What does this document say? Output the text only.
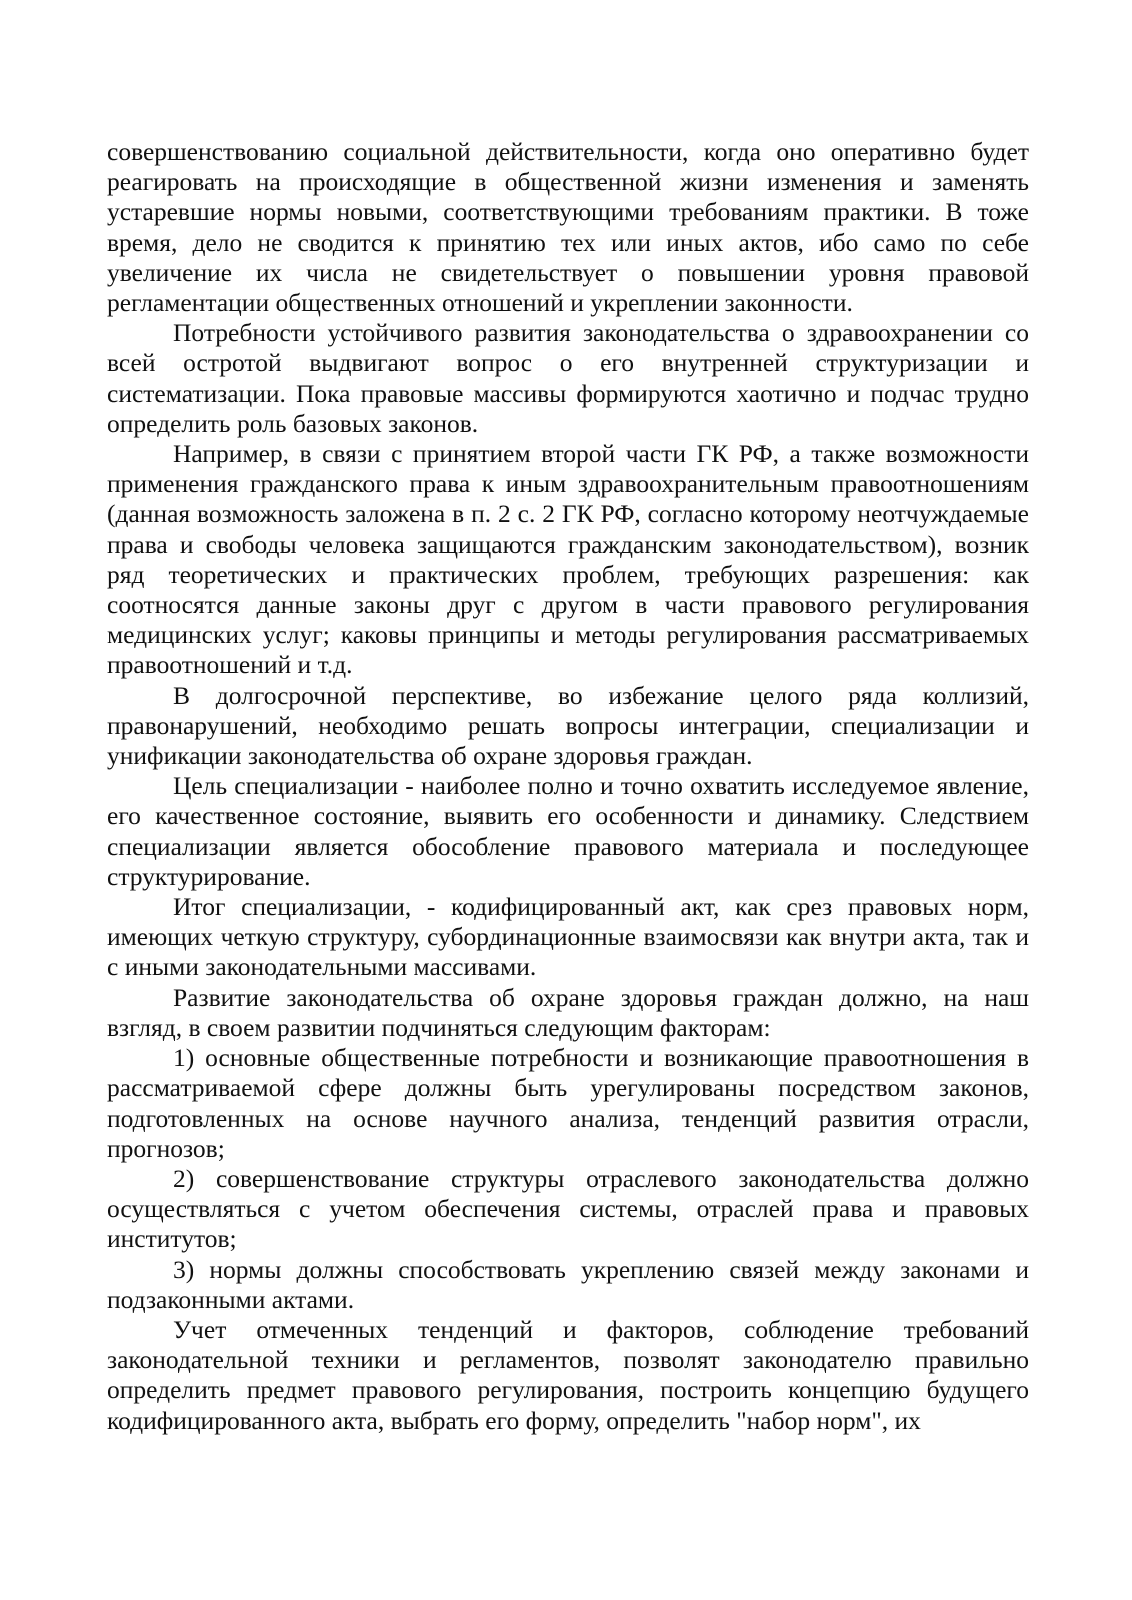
совершенствованию социальной действительности, когда оно оперативно будет реагировать на происходящие в общественной жизни изменения и заменять устаревшие нормы новыми, соответствующими требованиям практики. В тоже время, дело не сводится к принятию тех или иных актов, ибо само по себе увеличение их числа не свидетельствует о повышении уровня правовой регламентации общественных отношений и укреплении законности.

Потребности устойчивого развития законодательства о здравоохранении со всей остротой выдвигают вопрос о его внутренней структуризации и систематизации. Пока правовые массивы формируются хаотично и подчас трудно определить роль базовых законов.

Например, в связи с принятием второй части ГК РФ, а также возможности применения гражданского права к иным здравоохранительным правоотношениям (данная возможность заложена в п. 2 с. 2 ГК РФ, согласно которому неотчуждаемые права и свободы человека защищаются гражданским законодательством), возник ряд теоретических и практических проблем, требующих разрешения: как соотносятся данные законы друг с другом в части правового регулирования медицинских услуг; каковы принципы и методы регулирования рассматриваемых правоотношений и т.д.

В долгосрочной перспективе, во избежание целого ряда коллизий, правонарушений, необходимо решать вопросы интеграции, специализации и унификации законодательства об охране здоровья граждан.

Цель специализации - наиболее полно и точно охватить исследуемое явление, его качественное состояние, выявить его особенности и динамику. Следствием специализации является обособление правового материала и последующее структурирование.

Итог специализации, - кодифицированный акт, как срез правовых норм, имеющих четкую структуру, субординационные взаимосвязи как внутри акта, так и с иными законодательными массивами.

Развитие законодательства об охране здоровья граждан должно, на наш взгляд, в своем развитии подчиняться следующим факторам:

1) основные общественные потребности и возникающие правоотношения в рассматриваемой сфере должны быть урегулированы посредством законов, подготовленных на основе научного анализа, тенденций развития отрасли, прогнозов;

2) совершенствование структуры отраслевого законодательства должно осуществляться с учетом обеспечения системы, отраслей права и правовых институтов;

3) нормы должны способствовать укреплению связей между законами и подзаконными актами.

Учет отмеченных тенденций и факторов, соблюдение требований законодательной техники и регламентов, позволят законодателю правильно определить предмет правового регулирования, построить концепцию будущего кодифицированного акта, выбрать его форму, определить "набор норм", их
